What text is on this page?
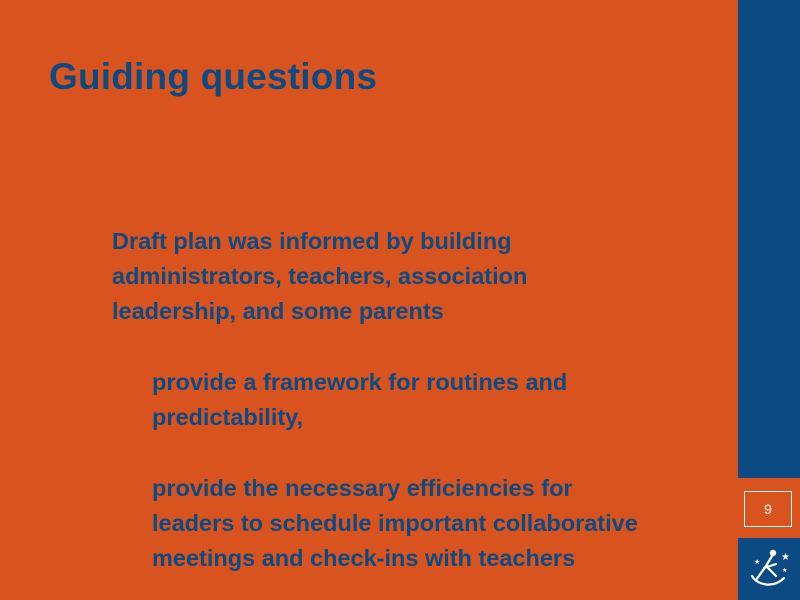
Guiding questions

Draft plan was informed by building administrators, teachers, association leadership, and some parents

provide a framework for routines and predictability,

provide the necessary efficiencies for leaders to schedule important collaborative meetings and check-ins with teachers

9
★
★
★
